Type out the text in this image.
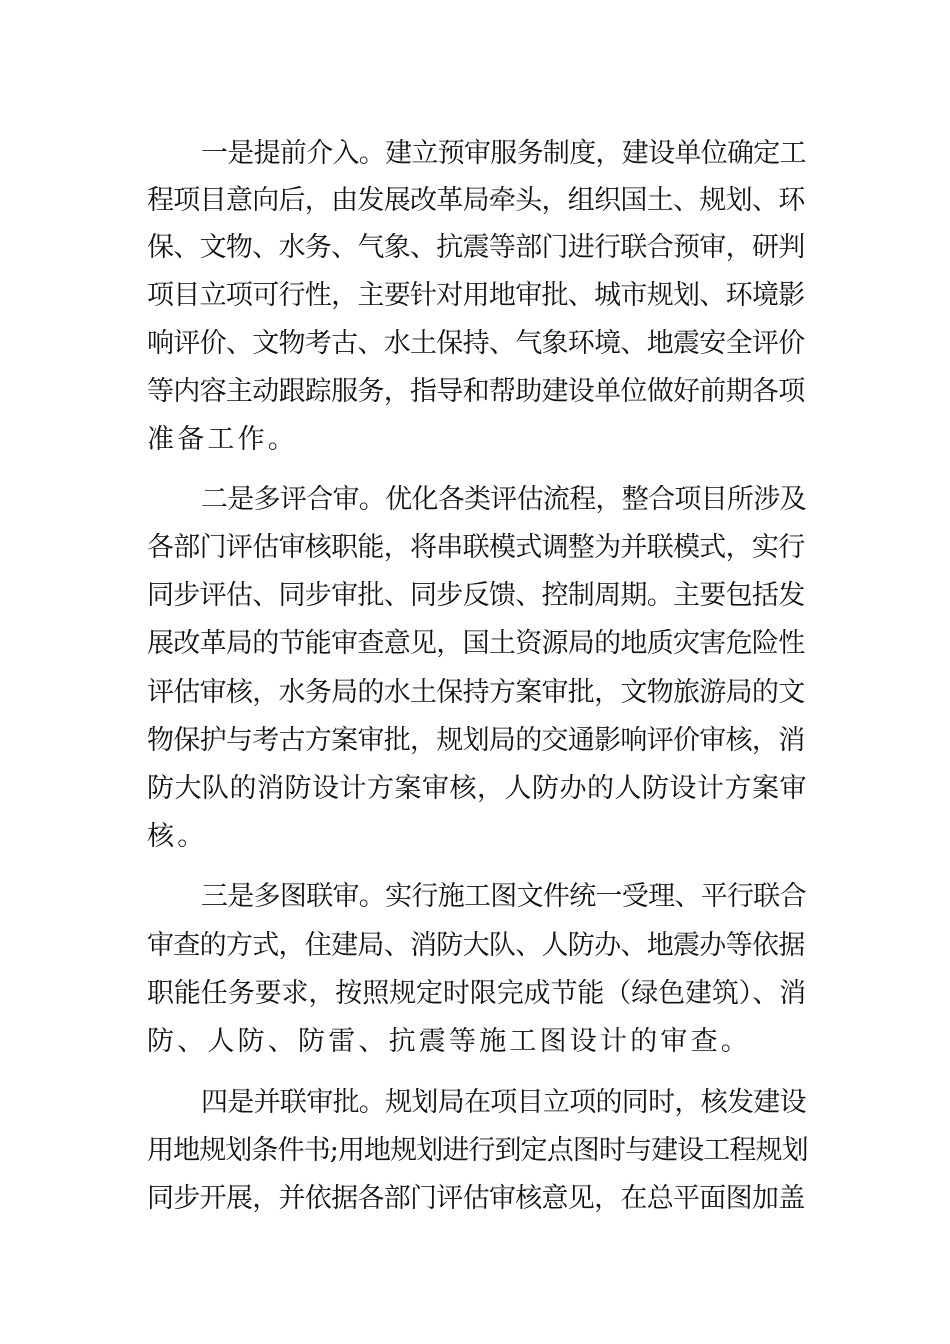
一是提前介入。建立预审服务制度，建设单位确定工
程项目意向后，由发展改革局牵头，组织国土、规划、环
保、文物、水务、气象、抗震等部门进行联合预审，研判
项目立项可行性，主要针对用地审批、城市规划、环境影
响评价、文物考古、水土保持、气象环境、地震安全评价
等内容主动跟踪服务，指导和帮助建设单位做好前期各项
准备工作。
二是多评合审。优化各类评估流程，整合项目所涉及
各部门评估审核职能，将串联模式调整为并联模式，实行
同步评估、同步审批、同步反馈、控制周期。主要包括发
展改革局的节能审查意见，国土资源局的地质灾害危险性
评估审核，水务局的水土保持方案审批，文物旅游局的文
物保护与考古方案审批，规划局的交通影响评价审核，消
防大队的消防设计方案审核，人防办的人防设计方案审
核。
三是多图联审。实行施工图文件统一受理、平行联合
审查的方式，住建局、消防大队、人防办、地震办等依据
职能任务要求，按照规定时限完成节能（绿色建筑）、消
防、人防、防雷、抗震等施工图设计的审查。
四是并联审批。规划局在项目立项的同时，核发建设
用地规划条件书;用地规划进行到定点图时与建设工程规划
同步开展，并依据各部门评估审核意见，在总平面图加盖
